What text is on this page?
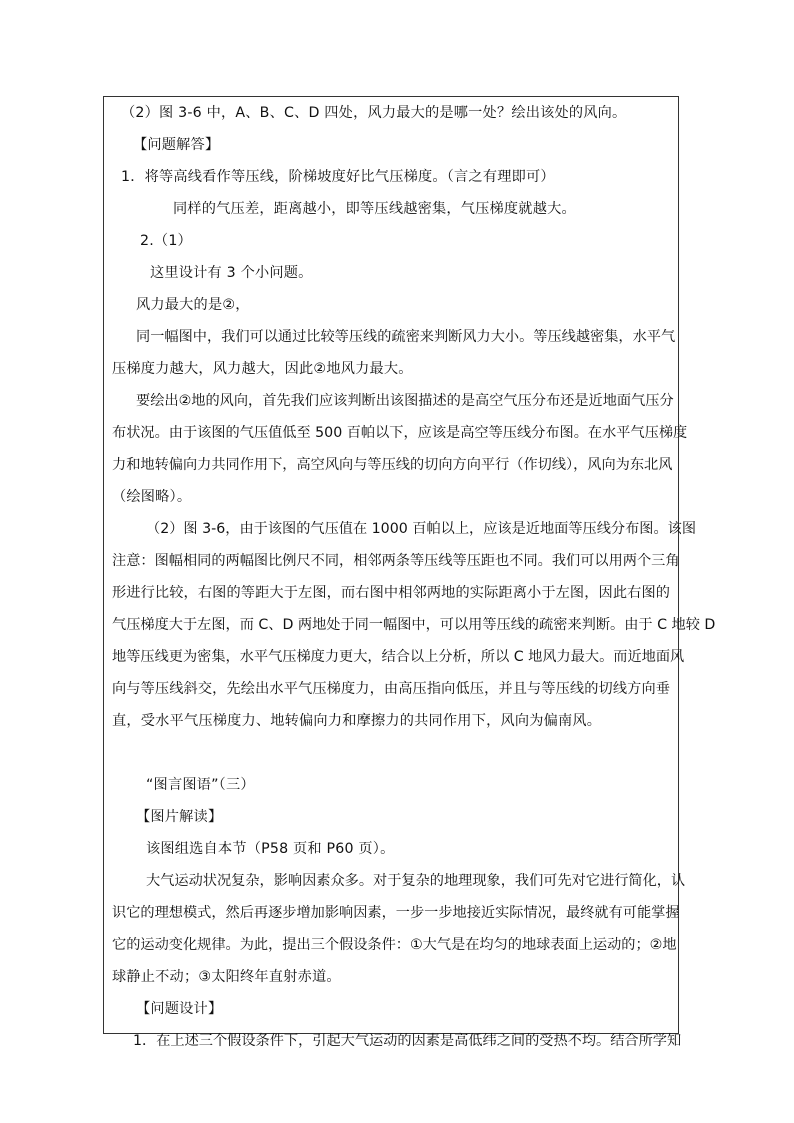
（2）图 3-6 中，A、B、C、D 四处，风力最大的是哪一处？绘出该处的风向。
【问题解答】
1．将等高线看作等压线，阶梯坡度好比气压梯度。（言之有理即可）
同样的气压差，距离越小，即等压线越密集，气压梯度就越大。
2.（1）
这里设计有 3 个小问题。
风力最大的是②，
同一幅图中，我们可以通过比较等压线的疏密来判断风力大小。等压线越密集，水平气
压梯度力越大，风力越大，因此②地风力最大。
要绘出②地的风向，首先我们应该判断出该图描述的是高空气压分布还是近地面气压分
布状况。由于该图的气压值低至 500 百帕以下，应该是高空等压线分布图。在水平气压梯度
力和地转偏向力共同作用下，高空风向与等压线的切向方向平行（作切线），风向为东北风
（绘图略）。
（2）图 3-6，由于该图的气压值在 1000 百帕以上，应该是近地面等压线分布图。该图
注意：图幅相同的两幅图比例尺不同，相邻两条等压线等压距也不同。我们可以用两个三角
形进行比较，右图的等距大于左图，而右图中相邻两地的实际距离小于左图，因此右图的
气压梯度大于左图，而 C、D 两地处于同一幅图中，可以用等压线的疏密来判断。由于 C 地较 D
地等压线更为密集，水平气压梯度力更大，结合以上分析，所以 C 地风力最大。而近地面风
向与等压线斜交，先绘出水平气压梯度力，由高压指向低压，并且与等压线的切线方向垂
直，受水平气压梯度力、地转偏向力和摩擦力的共同作用下，风向为偏南风。
“图言图语”（三）
【图片解读】
该图组选自本节（P58 页和 P60 页）。
大气运动状况复杂，影响因素众多。对于复杂的地理现象，我们可先对它进行简化，认
识它的理想模式，然后再逐步增加影响因素，一步一步地接近实际情况，最终就有可能掌握
它的运动变化规律。为此，提出三个假设条件：①大气是在均匀的地球表面上运动的；②地
球静止不动；③太阳终年直射赤道。
【问题设计】
1．在上述三个假设条件下，引起大气运动的因素是高低纬之间的受热不均。结合所学知
